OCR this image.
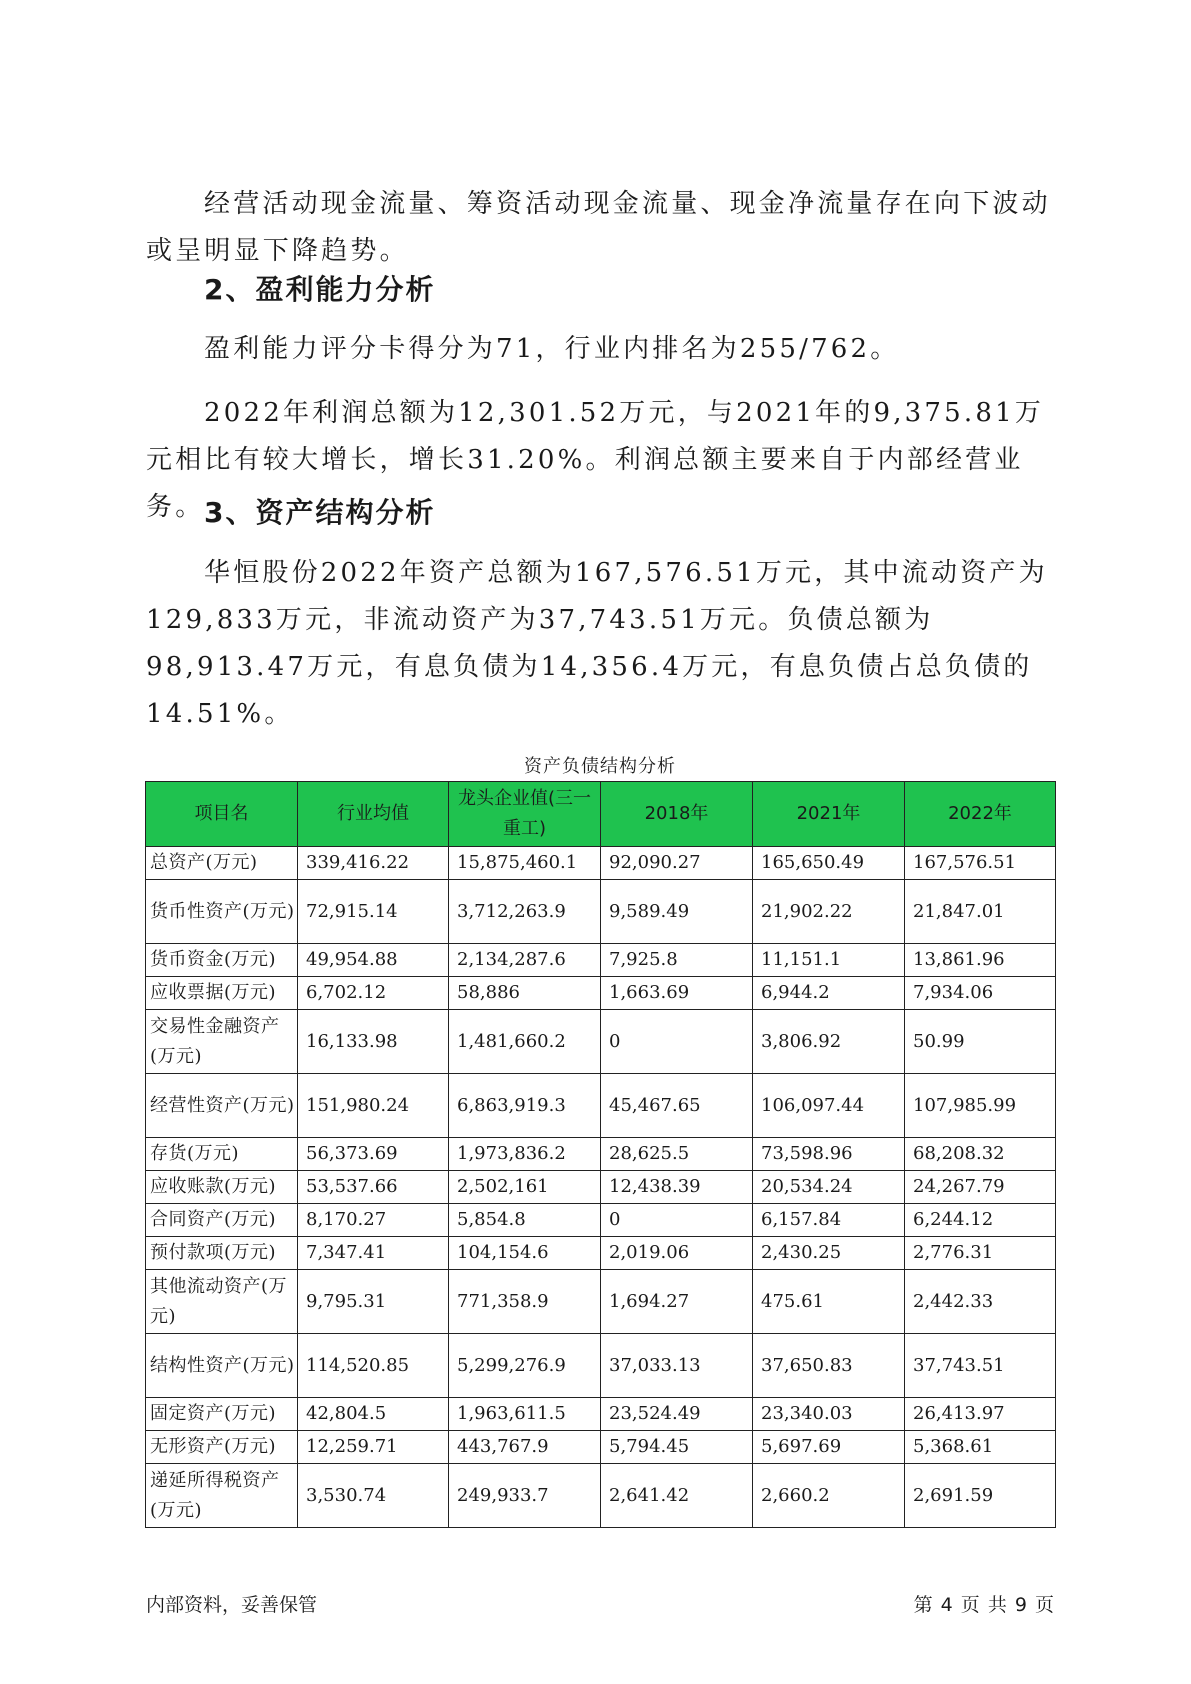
经营活动现金流量、筹资活动现金流量、现金净流量存在向下波动或呈明显下降趋势。

2、盈利能力分析

盈利能力评分卡得分为71，行业内排名为255/762。

2022年利润总额为12,301.52万元，与2021年的9,375.81万元相比有较大增长，增长31.20%。利润总额主要来自于内部经营业务。 3、资产结构分析

华恒股份2022年资产总额为167,576.51万元，其中流动资产为129,833万元，非流动资产为37,743.51万元。负债总额为98,913.47万元，有息负债为14,356.4万元，有息负债占总负债的14.51%。

资产负债结构分析
项目名	行业均值	龙头企业值(三一重工)	2018年	2021年	2022年
总资产(万元)	339,416.22	15,875,460.1	92,090.27	165,650.49	167,576.51
货币性资产(万元)	72,915.14	3,712,263.9	9,589.49	21,902.22	21,847.01
货币资金(万元)	49,954.88	2,134,287.6	7,925.8	11,151.1	13,861.96
应收票据(万元)	6,702.12	58,886	1,663.69	6,944.2	7,934.06
交易性金融资产(万元)	16,133.98	1,481,660.2	0	3,806.92	50.99
经营性资产(万元)	151,980.24	6,863,919.3	45,467.65	106,097.44	107,985.99
存货(万元)	56,373.69	1,973,836.2	28,625.5	73,598.96	68,208.32
应收账款(万元)	53,537.66	2,502,161	12,438.39	20,534.24	24,267.79
合同资产(万元)	8,170.27	5,854.8	0	6,157.84	6,244.12
预付款项(万元)	7,347.41	104,154.6	2,019.06	2,430.25	2,776.31
其他流动资产(万元)	9,795.31	771,358.9	1,694.27	475.61	2,442.33
结构性资产(万元)	114,520.85	5,299,276.9	37,033.13	37,650.83	37,743.51
固定资产(万元)	42,804.5	1,963,611.5	23,524.49	23,340.03	26,413.97
无形资产(万元)	12,259.71	443,767.9	5,794.45	5,697.69	5,368.61
递延所得税资产(万元)	3,530.74	249,933.7	2,641.42	2,660.2	2,691.59
内部资料，妥善保管	第 4 页 共 9 页
